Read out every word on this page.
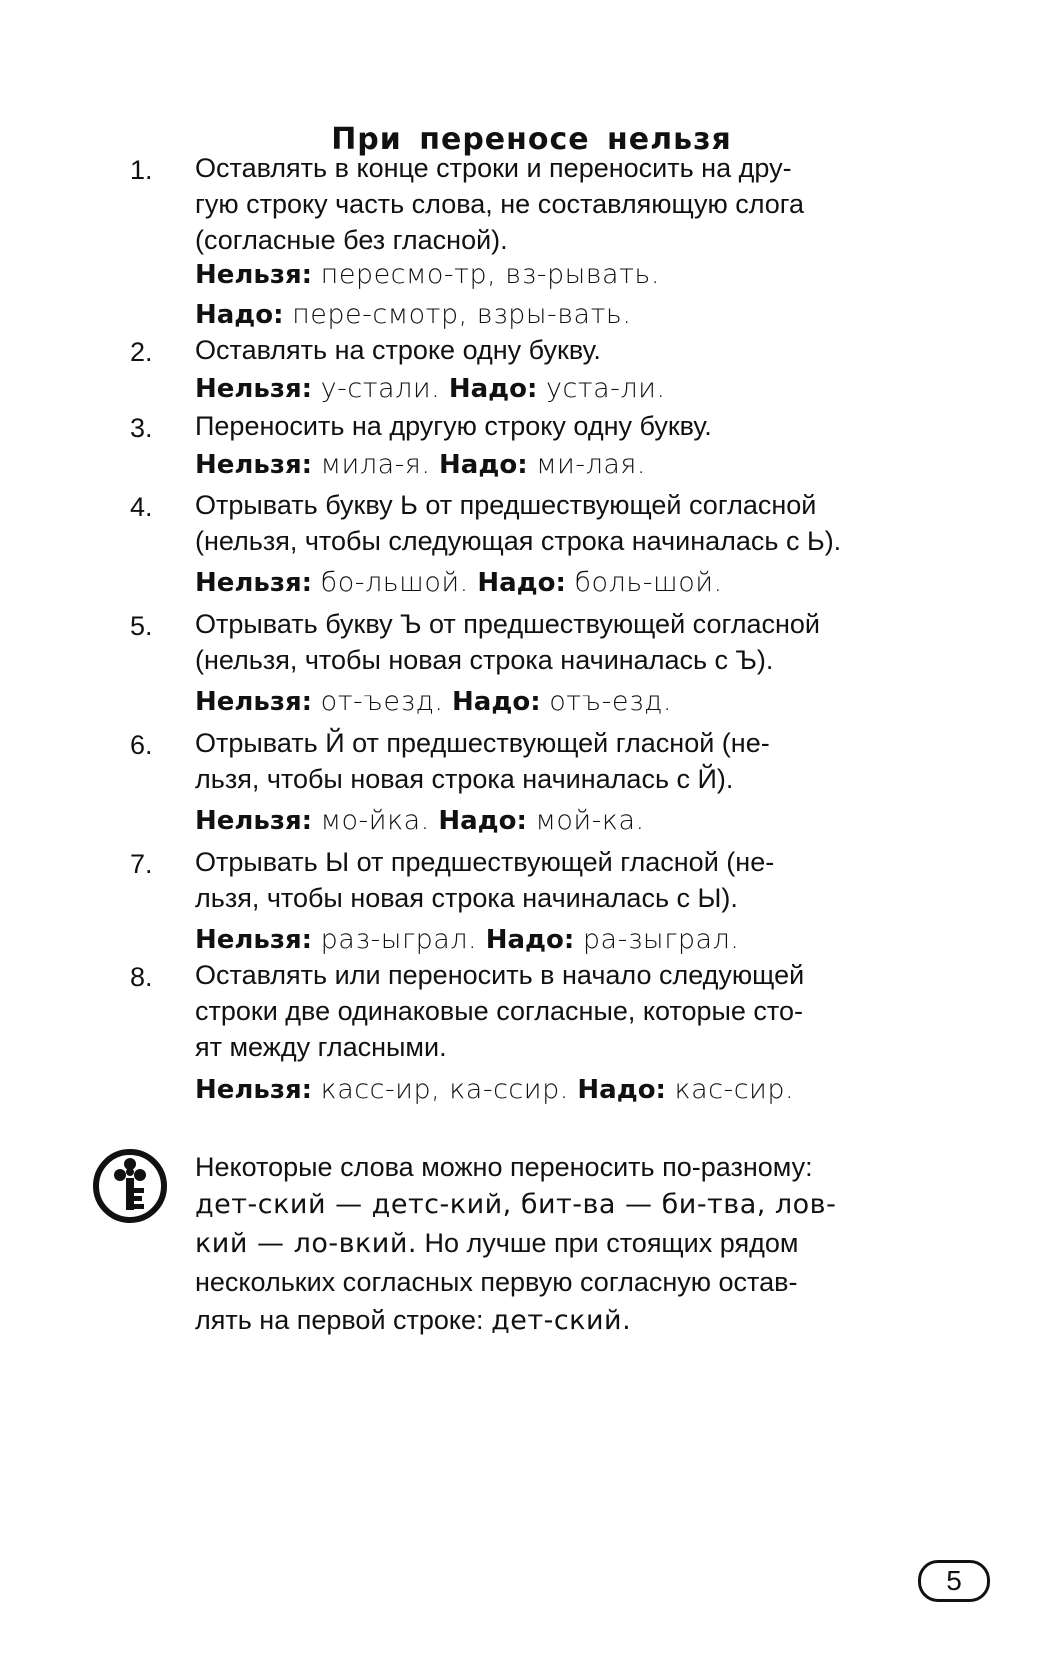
При переносе нельзя
1. Оставлять в конце строки и переносить на дру-
гую строку часть слова, не составляющую слога
(согласные без гласной).
Нельзя: пересмо-тр, вз-рывать.
Надо: пере-смотр, взры-вать.
2. Оставлять на строке одну букву.
Нельзя: у-стали. Надо: уста-ли.
3. Переносить на другую строку одну букву.
Нельзя: мила-я. Надо: ми-лая.
4. Отрывать букву Ь от предшествующей согласной
(нельзя, чтобы следующая строка начиналась с Ь).
Нельзя: бо-льшой. Надо: боль-шой.
5. Отрывать букву Ъ от предшествующей согласной
(нельзя, чтобы новая строка начиналась с Ъ).
Нельзя: от-ъезд. Надо: отъ-езд.
6. Отрывать Й от предшествующей гласной (не-
льзя, чтобы новая строка начиналась с Й).
Нельзя: мо-йка. Надо: мой-ка.
7. Отрывать Ы от предшествующей гласной (не-
льзя, чтобы новая строка начиналась с Ы).
Нельзя: раз-ыграл. Надо: ра-зыграл.
8. Оставлять или переносить в начало следующей
строки две одинаковые согласные, которые сто-
ят между гласными.
Нельзя: касс-ир, ка-ссир. Надо: кас-сир.
Некоторые слова можно переносить по-разному:
дет-ский — детс-кий, бит-ва — би-тва, лов-
кий — ло-вкий. Но лучше при стоящих рядом
нескольких согласных первую согласную остав-
лять на первой строке: дет-ский.
5
